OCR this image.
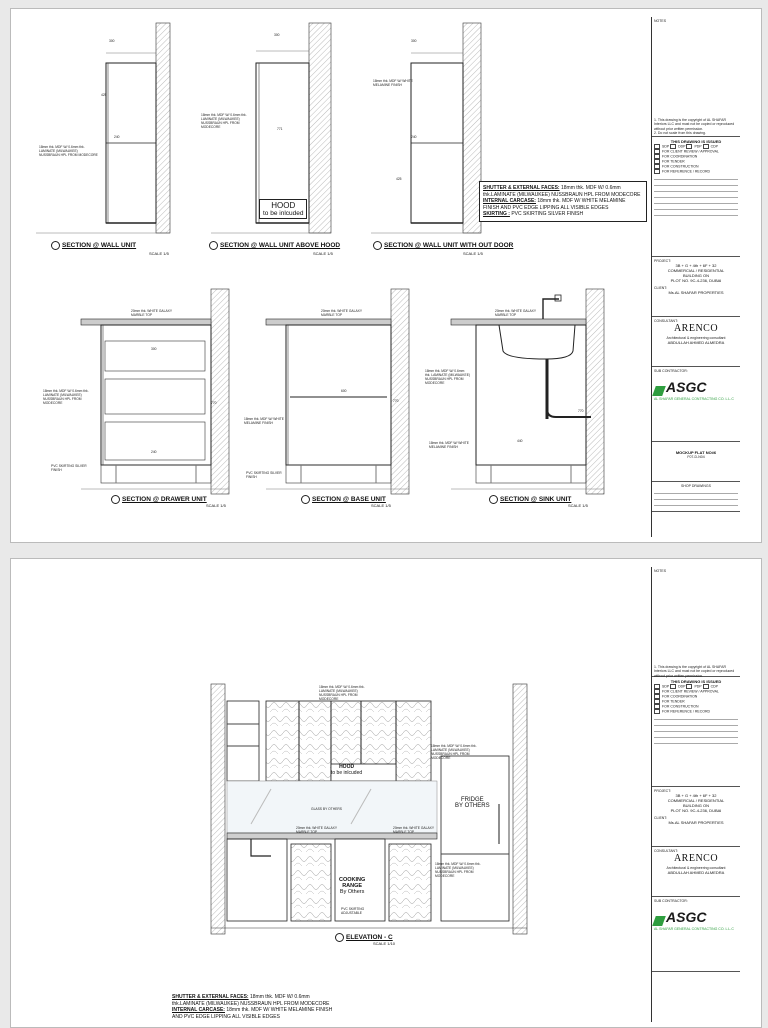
300
425
240
18mm thk. MDF W/ 0.6mm thk. LAMINATE (MILWAUKEE) NUSSBRAUN HPL FROM MODECORE
SECTION @ WALL UNIT
SCALE 1/5
300
771
18mm thk. MDF W/ 0.6mm thk. LAMINATE (MILWAUKEE) NUSSBRAUN HPL FROM MODECORE
HOOD
to be inlcuded
SECTION @ WALL UNIT ABOVE HOOD
SCALE 1/5
300
240
425
18mm thk. MDF W/ WHITE MELAMINE FINISH
SECTION @ WALL UNIT WITH OUT DOOR
SCALE 1/5
SHUTTER & EXTERNAL FACES: 18mm thk. MDF W/ 0.6mm thk.LAMINATE (MILWAUKEE) NUSSBRAUN HPL FROM MODECORE
INTERNAL CARCASE: 18mm thk. MDF W/ WHITE MELAMINE FINISH AND PVC EDGE LIPPING ALL VISIBLE EDGES
SKIRTING : PVC SKIRTING SILVER FINISH
300
240
770
18mm thk. MDF W/ 0.6mm thk. LAMINATE (MILWAUKEE) NUSSBRAUN HPL FROM MODECORE
20mm thk. WHITE GALAXY MARBLE TOP
PVC SKIRTING SILVER FINISH
SECTION @ DRAWER UNIT
SCALE 1/5
600
770
18mm thk. MDF W/ WHITE MELAMINE FINISH
20mm thk. WHITE GALAXY MARBLE TOP
PVC SKIRTING SILVER FINISH
SECTION @ BASE UNIT
SCALE 1/5
440
770
18mm thk. MDF W/ 0.6mm thk. LAMINATE (MILWAUKEE) NUSSBRAUN HPL FROM MODECORE
20mm thk. WHITE GALAXY MARBLE TOP
18mm thk. MDF W/ WHITE MELAMINE FINISH
SECTION @ SINK UNIT
SCALE 1/5
NOTES
1. This drawing is the copyright of AL SHAFAR Interiors LLC and must not be copied or reproduced without prior written permission.
2. Do not scale from this drawing.
THIS DRAWING IS ISSUED
SDP	DDP	PDP	CDP
FOR CLIENT REVIEW / APPROVAL
FOR COORDINATION
FOR TENDER
FOR CONSTRUCTION
FOR REFERENCE / RECORD
PROJECT:
3B + G + 4th + 6F + 32
COMMERCIAL / RESIDENTIAL
BUILDING ON
PLOT NO. 9C-4-236, DUBAI
CLIENT:
Ms.AL SHAFAR PROPERTIES
CONSULTANT:
ARENCO
Architectural & engineering consultant
ABDULLAH AHMED ALMEDRA
SUB CONTRACTOR:
ASGC
AL SHAFAR GENERAL CONTRACTING CO. L.L.C
MOCKUP FLAT NO#6
F07-D-N04
SHOP DRAWINGS
HOOD
to be inlcuded
GLASS BY OTHERS
COOKING
RANGE
By Others
PVC SKIRTING ADJUSTABLE
FRIDGE
BY OTHERS
18mm thk. MDF W/ 0.6mm thk. LAMINATE (MILWAUKEE) NUSSBRAUN HPL FROM MODECORE
18mm thk. MDF W/ 0.6mm thk. LAMINATE (MILWAUKEE) NUSSBRAUN HPL FROM MODECORE
20mm thk. WHITE GALAXY MARBLE TOP
20mm thk. WHITE GALAXY MARBLE TOP
18mm thk. MDF W/ 0.6mm thk. LAMINATE (MILWAUKEE) NUSSBRAUN HPL FROM MODECORE
ELEVATION - C
SCALE 1/10
SHUTTER & EXTERNAL FACES: 18mm thk. MDF W/ 0.6mm thk.LAMINATE (MILWAUKEE) NUSSBRAUN HPL FROM MODECORE
INTERNAL CARCASE: 18mm thk. MDF W/ WHITE MELAMINE FINISH AND PVC EDGE LIPPING ALL VISIBLE EDGES
NOTES
1. This drawing is the copyright of AL SHAFAR Interiors LLC and must not be copied or reproduced without prior written permission.
THIS DRAWING IS ISSUED
SDP	DDP	PDP	CDP
FOR CLIENT REVIEW / APPROVAL
FOR COORDINATION
FOR TENDER
FOR CONSTRUCTION
FOR REFERENCE / RECORD
PROJECT:
3B + G + 4th + 6F + 32
COMMERCIAL / RESIDENTIAL
BUILDING ON
PLOT NO. 9C-4-236, DUBAI
CLIENT:
Ms.AL SHAFAR PROPERTIES
CONSULTANT:
ARENCO
Architectural & engineering consultant
ABDULLAH AHMED ALMEDRA
SUB CONTRACTOR:
ASGC
AL SHAFAR GENERAL CONTRACTING CO. L.L.C
